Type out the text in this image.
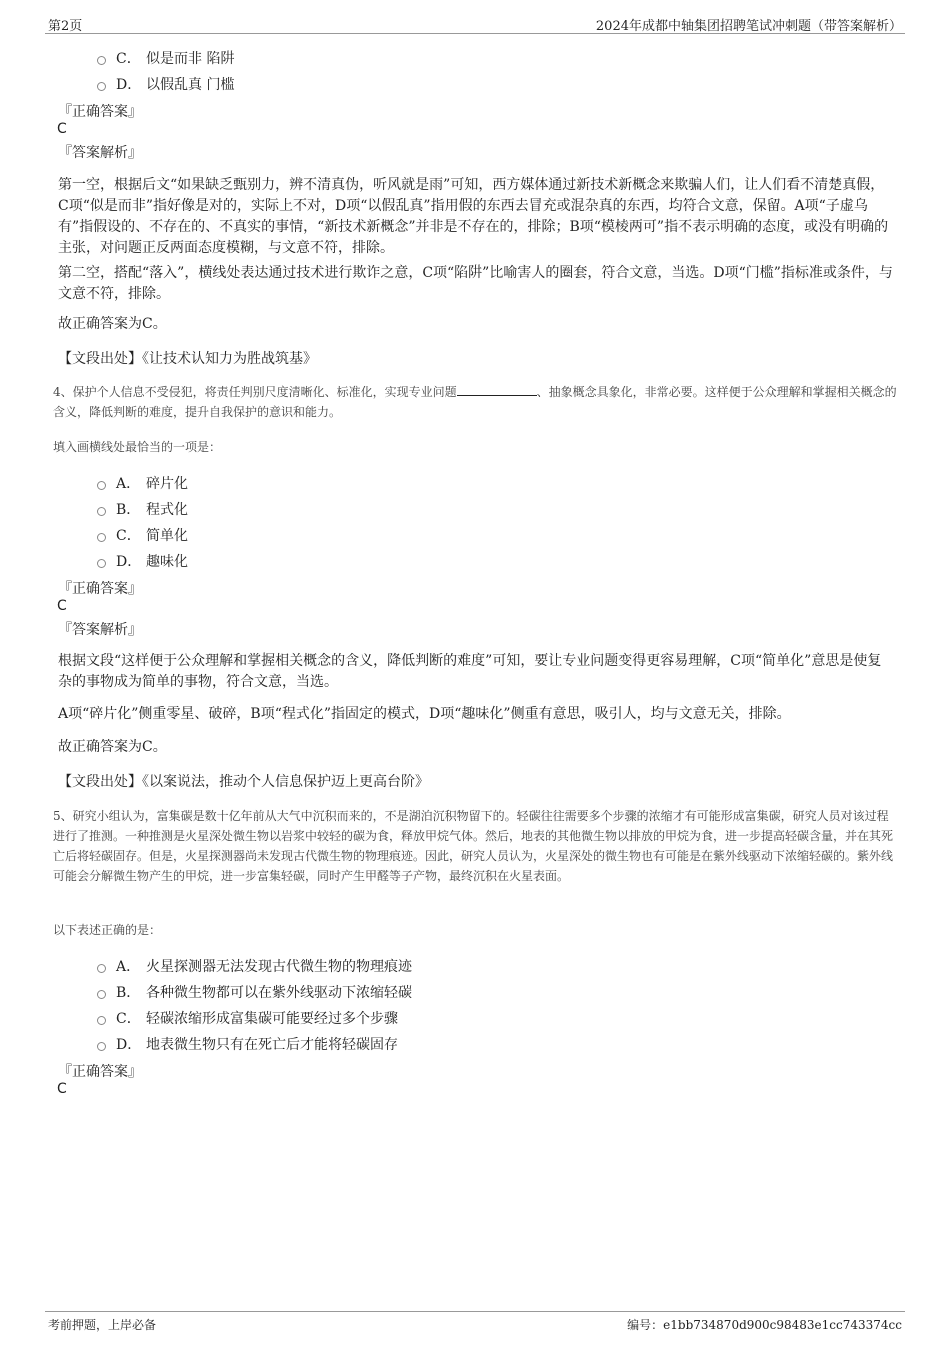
第2页	2024年成都中轴集团招聘笔试冲刺题（带答案解析）
C． 似是而非 陷阱
D． 以假乱真 门槛
『正确答案』
C
『答案解析』
第一空，根据后文“如果缺乏甄别力，辨不清真伪，听风就是雨”可知，西方媒体通过新技术新概念来欺骗人们，让人们看不清楚真假，C项“似是而非”指好像是对的，实际上不对，D项“以假乱真”指用假的东西去冒充或混杂真的东西，均符合文意，保留。A项“子虚乌有”指假设的、不存在的、不真实的事情，“新技术新概念”并非是不存在的，排除；B项“模棱两可”指不表示明确的态度，或没有明确的主张，对问题正反两面态度模糊，与文意不符，排除。
第二空，搭配“落入”，横线处表达通过技术进行欺诈之意，C项“陷阱”比喻害人的圈套，符合文意，当选。D项“门槛”指标准或条件，与文意不符，排除。
故正确答案为C。
【文段出处】《让技术认知力为胜战筑基》
4、保护个人信息不受侵犯，将责任判别尺度清晰化、标准化，实现专业问题	、抽象概念具象化，非常必要。这样便于公众理解和掌握相关概念的含义，降低判断的难度，提升自我保护的意识和能力。
填入画横线处最恰当的一项是：
A． 碎片化
B． 程式化
C． 简单化
D． 趣味化
『正确答案』
C
『答案解析』
根据文段“这样便于公众理解和掌握相关概念的含义，降低判断的难度”可知，要让专业问题变得更容易理解，C项“简单化”意思是使复杂的事物成为简单的事物，符合文意，当选。
A项“碎片化”侧重零星、破碎，B项“程式化”指固定的模式，D项“趣味化”侧重有意思，吸引人，均与文意无关，排除。
故正确答案为C。
【文段出处】《以案说法，推动个人信息保护迈上更高台阶》
5、研究小组认为，富集碳是数十亿年前从大气中沉积而来的，不是湖泊沉积物留下的。轻碳往往需要多个步骤的浓缩才有可能形成富集碳，研究人员对该过程进行了推测。一种推测是火星深处微生物以岩浆中较轻的碳为食，释放甲烷气体。然后，地表的其他微生物以排放的甲烷为食，进一步提高轻碳含量，并在其死亡后将轻碳固存。但是，火星探测器尚未发现古代微生物的物理痕迹。因此，研究人员认为，火星深处的微生物也有可能是在紫外线驱动下浓缩轻碳的。紫外线可能会分解微生物产生的甲烷，进一步富集轻碳，同时产生甲醛等子产物，最终沉积在火星表面。
以下表述正确的是：
A． 火星探测器无法发现古代微生物的物理痕迹
B． 各种微生物都可以在紫外线驱动下浓缩轻碳
C． 轻碳浓缩形成富集碳可能要经过多个步骤
D． 地表微生物只有在死亡后才能将轻碳固存
『正确答案』
C
考前押题，上岸必备	编号：e1bb734870d900c98483e1cc743374cc
